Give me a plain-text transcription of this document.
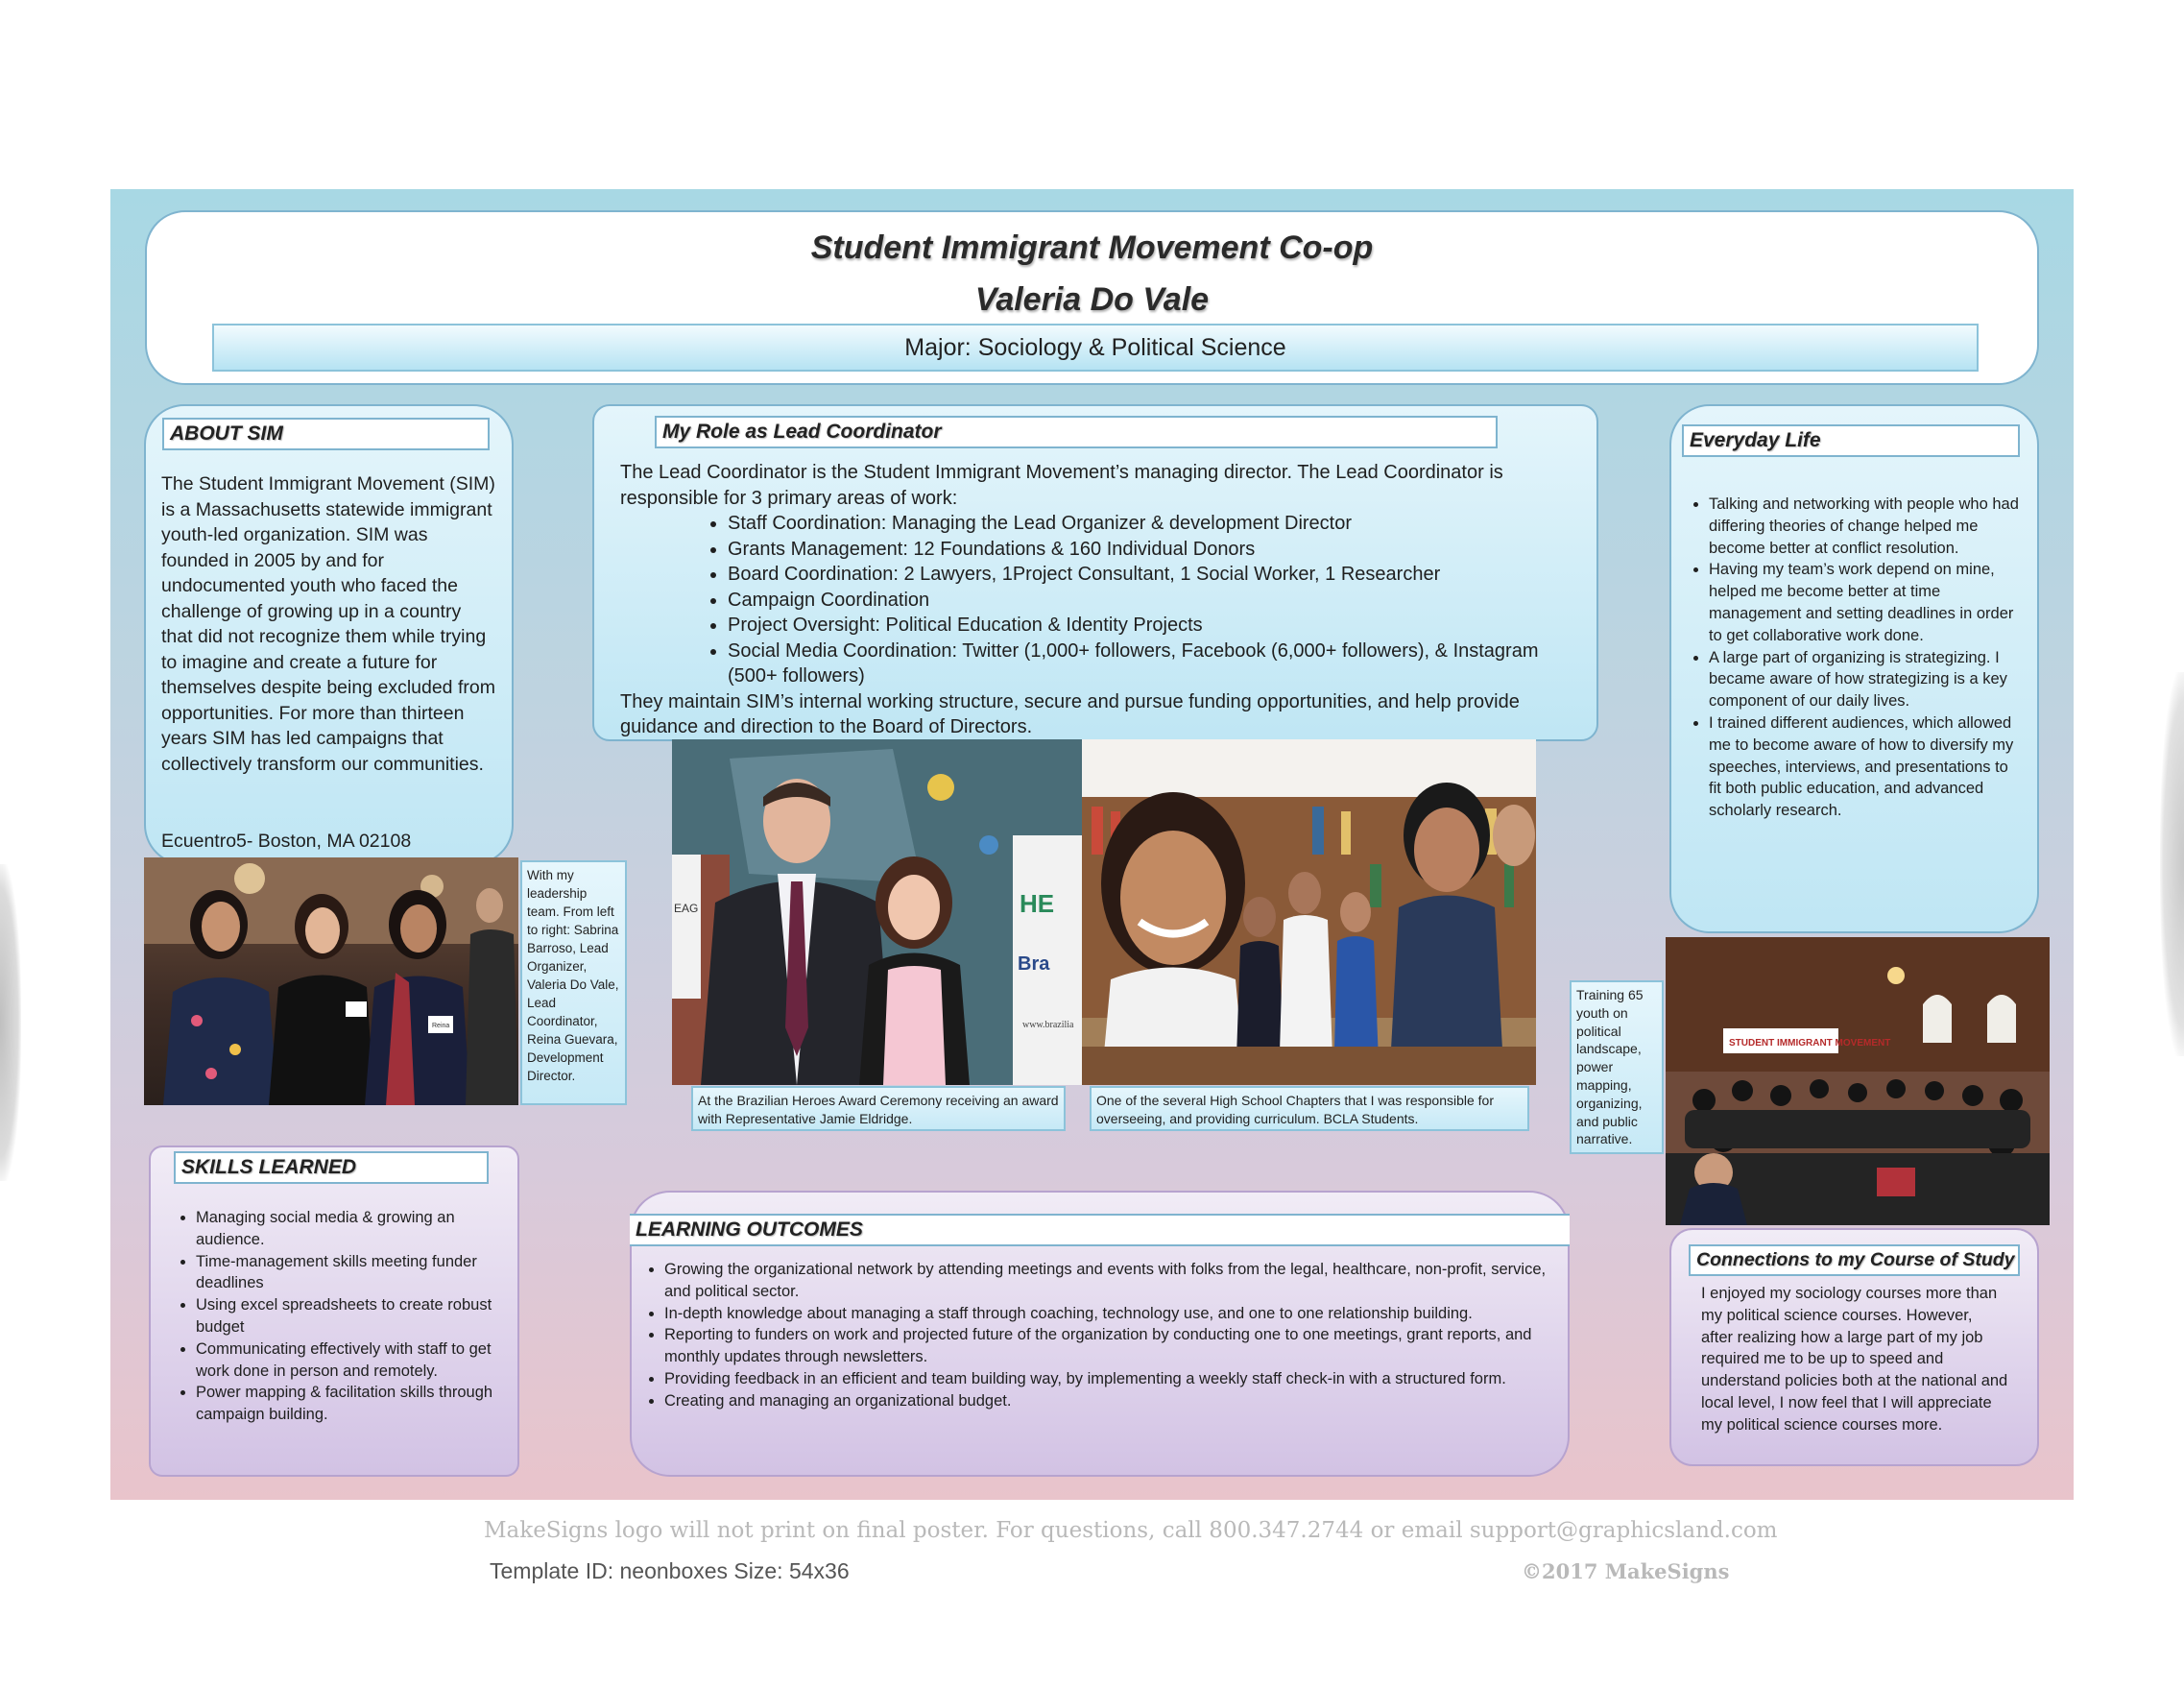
Student Immigrant Movement Co-op
Valeria Do Vale
Major: Sociology & Political Science
ABOUT SIM
The Student Immigrant Movement (SIM) is a Massachusetts statewide immigrant youth-led organization. SIM was founded in 2005 by and for undocumented youth who faced the challenge of growing up in a country that did not recognize them while trying to imagine and create a future for themselves despite being excluded from opportunities. For more than thirteen years SIM has led campaigns that collectively transform our communities.
Ecuentro5- Boston, MA 02108
Reina
With my leadership team. From left to right: Sabrina Barroso, Lead Organizer, Valeria Do Vale, Lead Coordinator, Reina Guevara, Development Director.
My Role as Lead Coordinator
The Lead Coordinator is the Student Immigrant Movement’s managing director. The Lead Coordinator is responsible for 3 primary areas of work:
• Staff Coordination: Managing the Lead Organizer & development Director
• Grants Management: 12 Foundations & 160 Individual Donors
• Board Coordination: 2 Lawyers, 1Project Consultant, 1 Social Worker, 1 Researcher
• Campaign Coordination
• Project Oversight: Political Education & Identity Projects
• Social Media Coordination: Twitter (1,000+ followers, Facebook (6,000+ followers), & Instagram (500+ followers)
They maintain SIM’s internal working structure, secure and pursue funding opportunities, and help provide guidance and direction to the Board of Directors.
HE
Bra
www.brazilia
EAG
At the Brazilian Heroes Award Ceremony receiving an award with Representative Jamie Eldridge.
One of the several High School Chapters that I was responsible for overseeing, and providing curriculum. BCLA Students.
Everyday Life
• Talking and networking with people who had differing theories of change helped me become better at conflict resolution.
• Having my team’s work depend on mine, helped me become better at time management and setting deadlines in order to get collaborative work done.
• A large part of organizing is strategizing. I became aware of how strategizing is a key component of our daily lives.
• I trained different audiences, which allowed me to become aware of how to diversify my speeches, interviews, and presentations to fit both public education, and advanced scholarly research.
Training 65 youth on political landscape, power mapping, organizing, and public narrative.
STUDENT IMMIGRANT MOVEMENT
SKILLS LEARNED
• Managing social media & growing an audience.
• Time-management skills meeting funder deadlines
• Using excel spreadsheets to create robust budget
• Communicating effectively with staff to get work done in person and remotely.
• Power mapping & facilitation skills through campaign building.
LEARNING OUTCOMES
• Growing the organizational network by attending meetings and events with folks from the legal, healthcare, non-profit, service, and political sector.
• In-depth knowledge about managing a staff through coaching, technology use, and one to one relationship building.
• Reporting to funders on work and projected future of the organization by conducting one to one meetings, grant reports, and monthly updates through newsletters.
• Providing feedback in an efficient and team building way, by implementing a weekly staff check-in with a structured form.
• Creating and managing an organizational budget.
Connections to my Course of Study
I enjoyed my sociology courses more than my political science courses. However, after realizing how a large part of my job required me to be up to speed and understand policies both at the national and local level, I now feel that I will appreciate my political science courses more.
MakeSigns logo will not print on final poster. For questions, call 800.347.2744 or email support@graphicsland.com
Template ID: neonboxes Size: 54x36	©2017 MakeSigns
